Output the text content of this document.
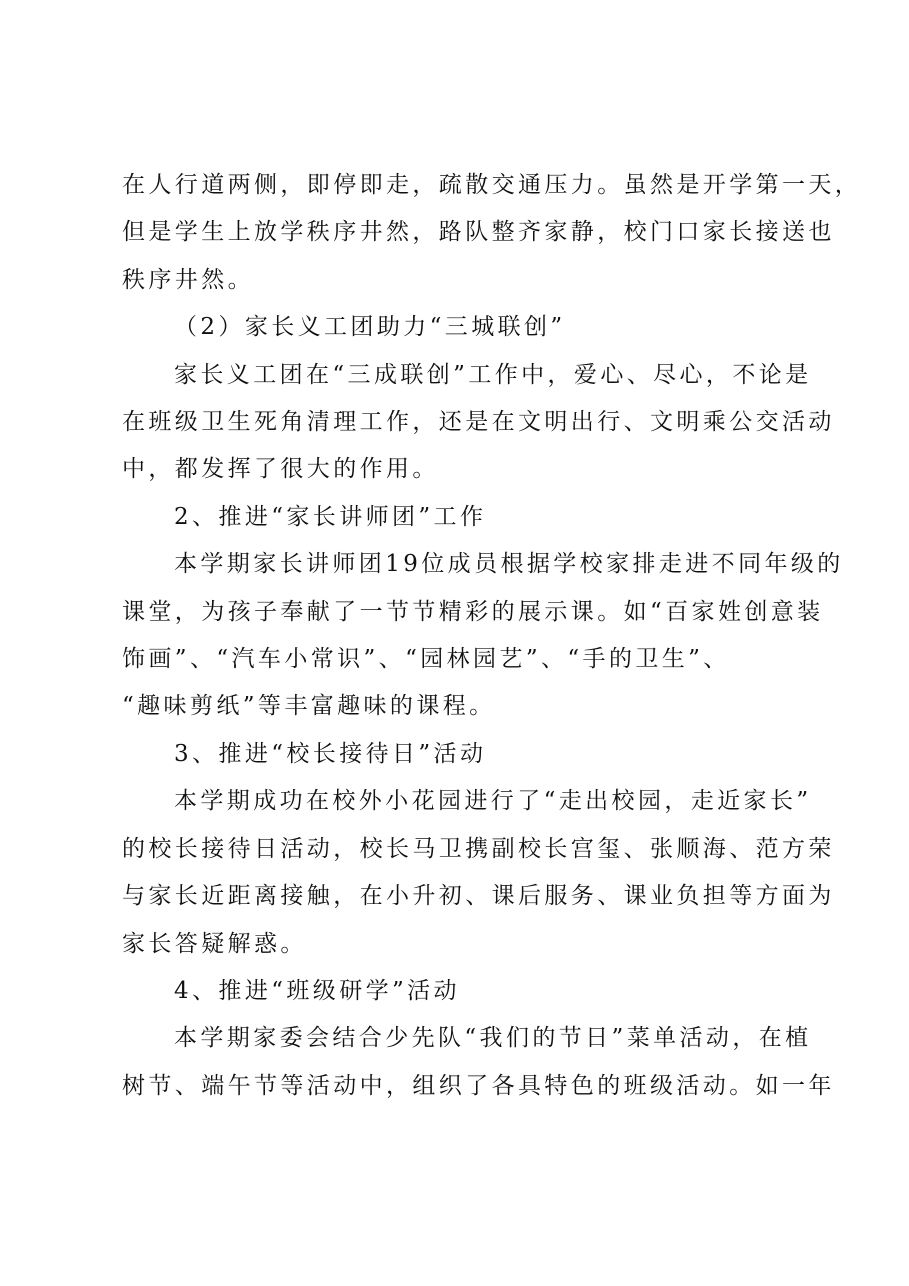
在人行道两侧，即停即走，疏散交通压力。虽然是开学第一天，

但是学生上放学秩序井然，路队整齐家静，校门口家长接送也

秩序井然。

（2）家长义工团助力“三城联创”

家长义工团在“三成联创”工作中，爱心、尽心，不论是

在班级卫生死角清理工作，还是在文明出行、文明乘公交活动

中，都发挥了很大的作用。

2、推进“家长讲师团”工作

本学期家长讲师团19位成员根据学校家排走进不同年级的

课堂，为孩子奉献了一节节精彩的展示课。如“百家姓创意装

饰画”、“汽车小常识”、“园林园艺”、“手的卫生”、

“趣味剪纸”等丰富趣味的课程。

3、推进“校长接待日”活动

本学期成功在校外小花园进行了“走出校园，走近家长”

的校长接待日活动，校长马卫携副校长宫玺、张顺海、范方荣

与家长近距离接触，在小升初、课后服务、课业负担等方面为

家长答疑解惑。

4、推进“班级研学”活动

本学期家委会结合少先队“我们的节日”菜单活动，在植

树节、端午节等活动中，组织了各具特色的班级活动。如一年
